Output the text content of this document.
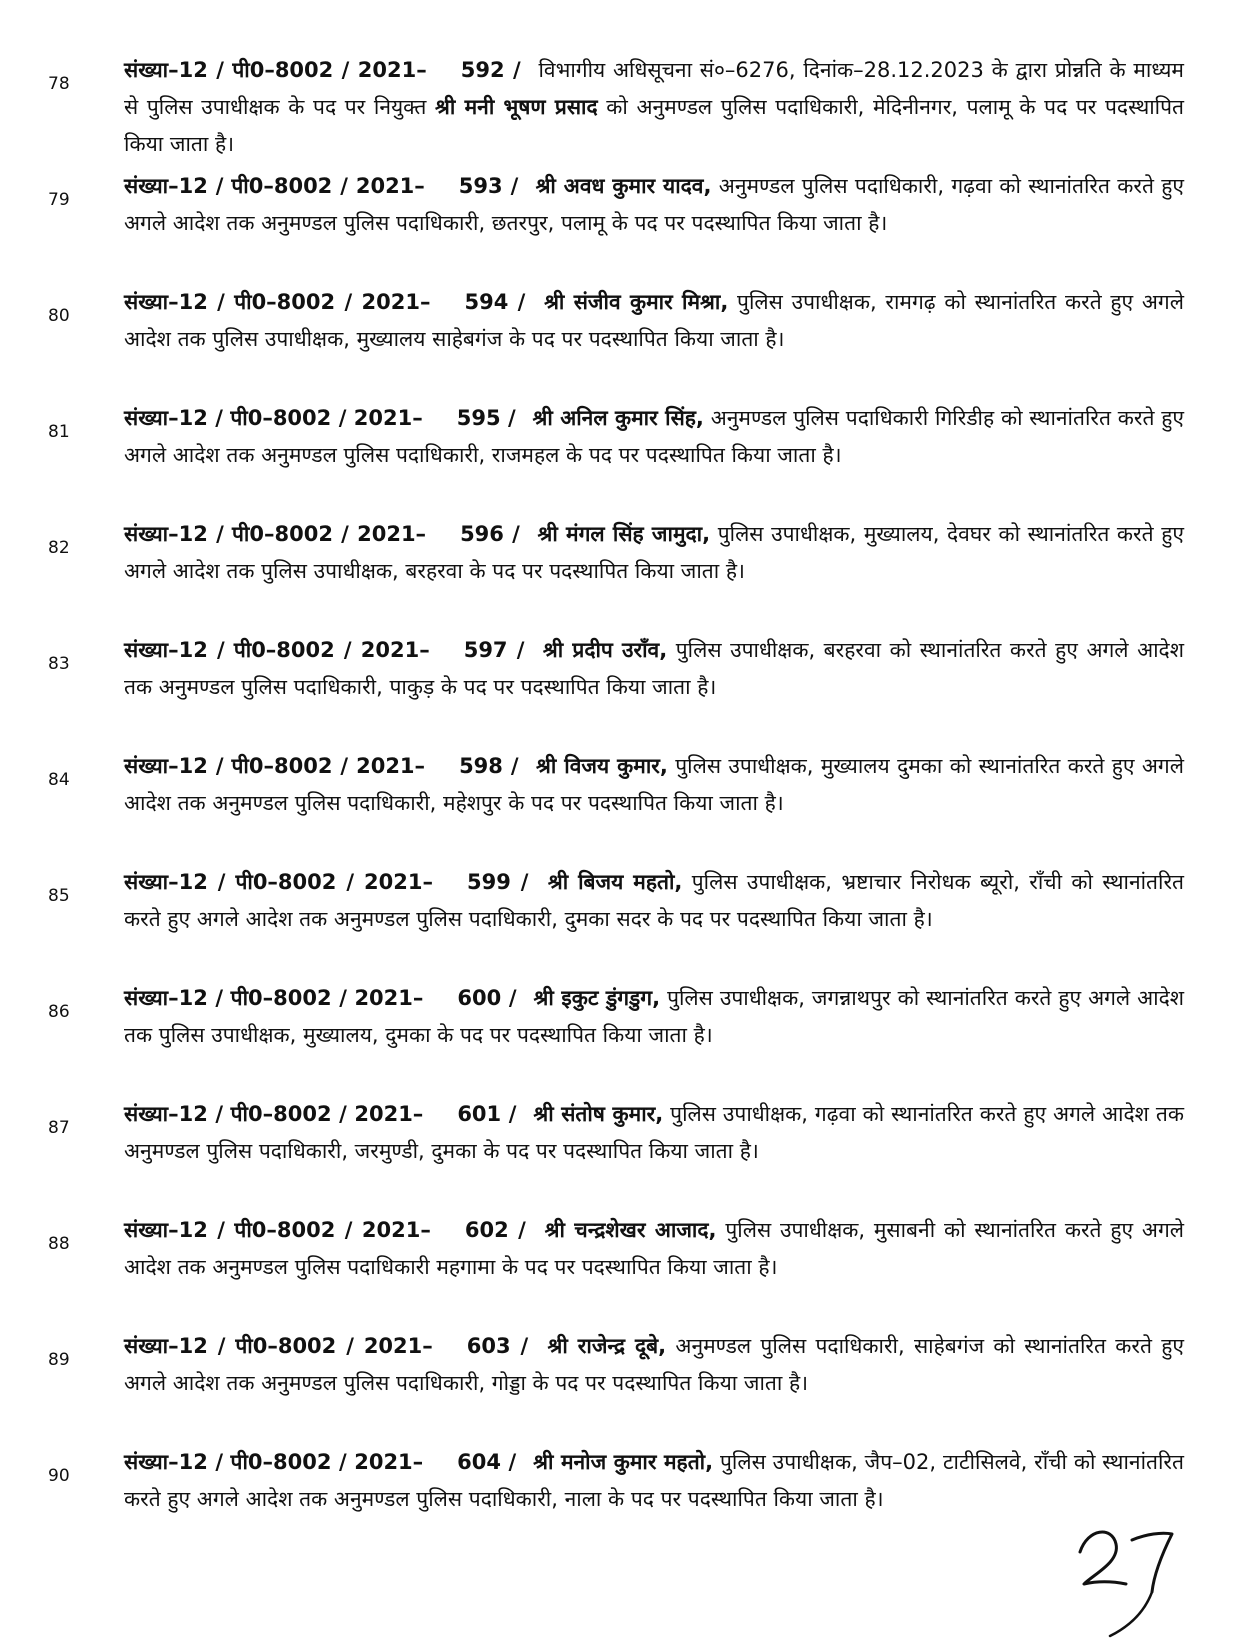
78
संख्या–12 / पी0–8002 / 2021– 592 / विभागीय अधिसूचना सं०–6276, दिनांक–28.12.2023 के द्वारा प्रोन्नति के माध्यम से पुलिस उपाधीक्षक के पद पर नियुक्त श्री मनी भूषण प्रसाद को अनुमण्डल पुलिस पदाधिकारी, मेदिनीनगर, पलामू के पद पर पदस्थापित किया जाता है।
79
संख्या–12 / पी0–8002 / 2021– 593 / श्री अवध कुमार यादव, अनुमण्डल पुलिस पदाधिकारी, गढ़वा को स्थानांतरित करते हुए अगले आदेश तक अनुमण्डल पुलिस पदाधिकारी, छतरपुर, पलामू के पद पर पदस्थापित किया जाता है।
80
संख्या–12 / पी0–8002 / 2021– 594 / श्री संजीव कुमार मिश्रा, पुलिस उपाधीक्षक, रामगढ़ को स्थानांतरित करते हुए अगले आदेश तक पुलिस उपाधीक्षक, मुख्यालय साहेबगंज के पद पर पदस्थापित किया जाता है।
81
संख्या–12 / पी0–8002 / 2021– 595 / श्री अनिल कुमार सिंह, अनुमण्डल पुलिस पदाधिकारी गिरिडीह को स्थानांतरित करते हुए अगले आदेश तक अनुमण्डल पुलिस पदाधिकारी, राजमहल के पद पर पदस्थापित किया जाता है।
82
संख्या–12 / पी0–8002 / 2021– 596 / श्री मंगल सिंह जामुदा, पुलिस उपाधीक्षक, मुख्यालय, देवघर को स्थानांतरित करते हुए अगले आदेश तक पुलिस उपाधीक्षक, बरहरवा के पद पर पदस्थापित किया जाता है।
83
संख्या–12 / पी0–8002 / 2021– 597 / श्री प्रदीप उराँव, पुलिस उपाधीक्षक, बरहरवा को स्थानांतरित करते हुए अगले आदेश तक अनुमण्डल पुलिस पदाधिकारी, पाकुड़ के पद पर पदस्थापित किया जाता है।
84
संख्या–12 / पी0–8002 / 2021– 598 / श्री विजय कुमार, पुलिस उपाधीक्षक, मुख्यालय दुमका को स्थानांतरित करते हुए अगले आदेश तक अनुमण्डल पुलिस पदाधिकारी, महेशपुर के पद पर पदस्थापित किया जाता है।
85
संख्या–12 / पी0–8002 / 2021– 599 / श्री बिजय महतो, पुलिस उपाधीक्षक, भ्रष्टाचार निरोधक ब्यूरो, राँची को स्थानांतरित करते हुए अगले आदेश तक अनुमण्डल पुलिस पदाधिकारी, दुमका सदर के पद पर पदस्थापित किया जाता है।
86
संख्या–12 / पी0–8002 / 2021– 600 / श्री इकुट डुंगडुग, पुलिस उपाधीक्षक, जगन्नाथपुर को स्थानांतरित करते हुए अगले आदेश तक पुलिस उपाधीक्षक, मुख्यालय, दुमका के पद पर पदस्थापित किया जाता है।
87
संख्या–12 / पी0–8002 / 2021– 601 / श्री संतोष कुमार, पुलिस उपाधीक्षक, गढ़वा को स्थानांतरित करते हुए अगले आदेश तक अनुमण्डल पुलिस पदाधिकारी, जरमुण्डी, दुमका के पद पर पदस्थापित किया जाता है।
88
संख्या–12 / पी0–8002 / 2021– 602 / श्री चन्द्रशेखर आजाद, पुलिस उपाधीक्षक, मुसाबनी को स्थानांतरित करते हुए अगले आदेश तक अनुमण्डल पुलिस पदाधिकारी महगामा के पद पर पदस्थापित किया जाता है।
89
संख्या–12 / पी0–8002 / 2021– 603 / श्री राजेन्द्र दूबे, अनुमण्डल पुलिस पदाधिकारी, साहेबगंज को स्थानांतरित करते हुए अगले आदेश तक अनुमण्डल पुलिस पदाधिकारी, गोड्डा के पद पर पदस्थापित किया जाता है।
90
संख्या–12 / पी0–8002 / 2021– 604 / श्री मनोज कुमार महतो, पुलिस उपाधीक्षक, जैप–02, टाटीसिलवे, राँची को स्थानांतरित करते हुए अगले आदेश तक अनुमण्डल पुलिस पदाधिकारी, नाला के पद पर पदस्थापित किया जाता है।
